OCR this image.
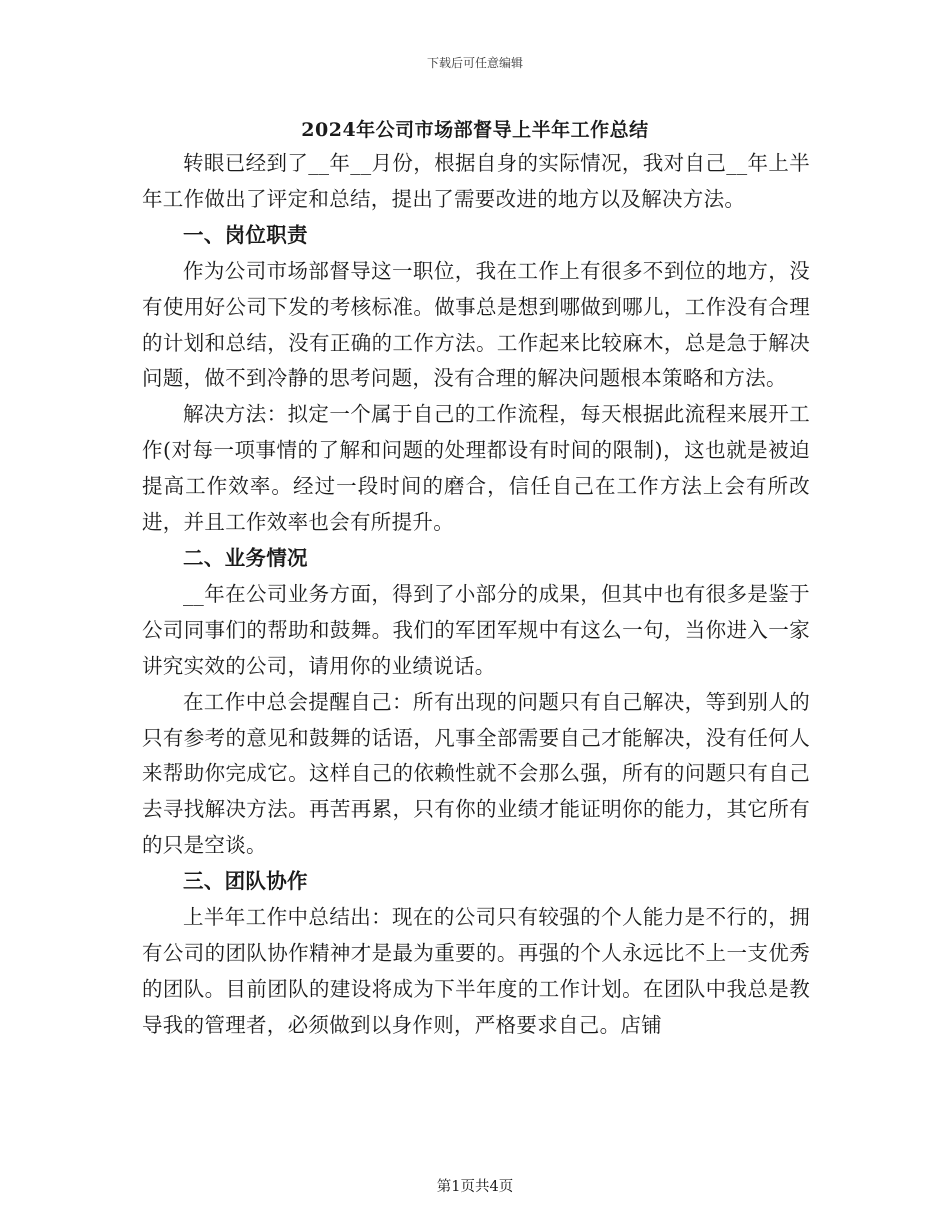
下载后可任意编辑
2024年公司市场部督导上半年工作总结

转眼已经到了__年__月份，根据自身的实际情况，我对自己__年上半年工作做出了评定和总结，提出了需要改进的地方以及解决方法。

一、岗位职责

作为公司市场部督导这一职位，我在工作上有很多不到位的地方，没有使用好公司下发的考核标准。做事总是想到哪做到哪儿，工作没有合理的计划和总结，没有正确的工作方法。工作起来比较麻木，总是急于解决问题，做不到冷静的思考问题，没有合理的解决问题根本策略和方法。

解决方法：拟定一个属于自己的工作流程，每天根据此流程来展开工作(对每一项事情的了解和问题的处理都设有时间的限制)，这也就是被迫提高工作效率。经过一段时间的磨合，信任自己在工作方法上会有所改进，并且工作效率也会有所提升。

二、业务情况

__年在公司业务方面，得到了小部分的成果，但其中也有很多是鉴于公司同事们的帮助和鼓舞。我们的军团军规中有这么一句，当你进入一家讲究实效的公司，请用你的业绩说话。

在工作中总会提醒自己：所有出现的问题只有自己解决，等到别人的只有参考的意见和鼓舞的话语，凡事全部需要自己才能解决，没有任何人来帮助你完成它。这样自己的依赖性就不会那么强，所有的问题只有自己去寻找解决方法。再苦再累，只有你的业绩才能证明你的能力，其它所有的只是空谈。

三、团队协作

上半年工作中总结出：现在的公司只有较强的个人能力是不行的，拥有公司的团队协作精神才是最为重要的。再强的个人永远比不上一支优秀的团队。目前团队的建设将成为下半年度的工作计划。在团队中我总是教导我的管理者，必须做到以身作则，严格要求自己。店铺

第1页共4页
